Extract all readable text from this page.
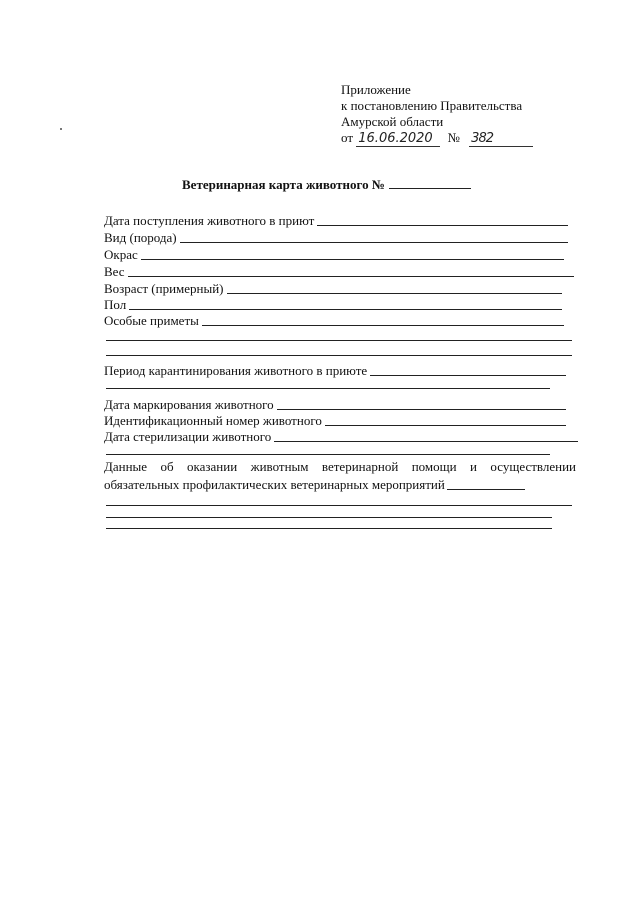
Приложение
к постановлению Правительства
Амурской области
от 16.06.2020 № 382
Ветеринарная карта животного №
Дата поступления животного в приют
Вид (порода)
Окрас
Вес
Возраст (примерный)
Пол
Особые приметы
Период карантинирования животного в приюте
Дата маркирования животного
Идентификационный номер животного
Дата стерилизации животного
Данные об оказании животным ветеринарной помощи и осуществлении
обязательных профилактических ветеринарных мероприятий
